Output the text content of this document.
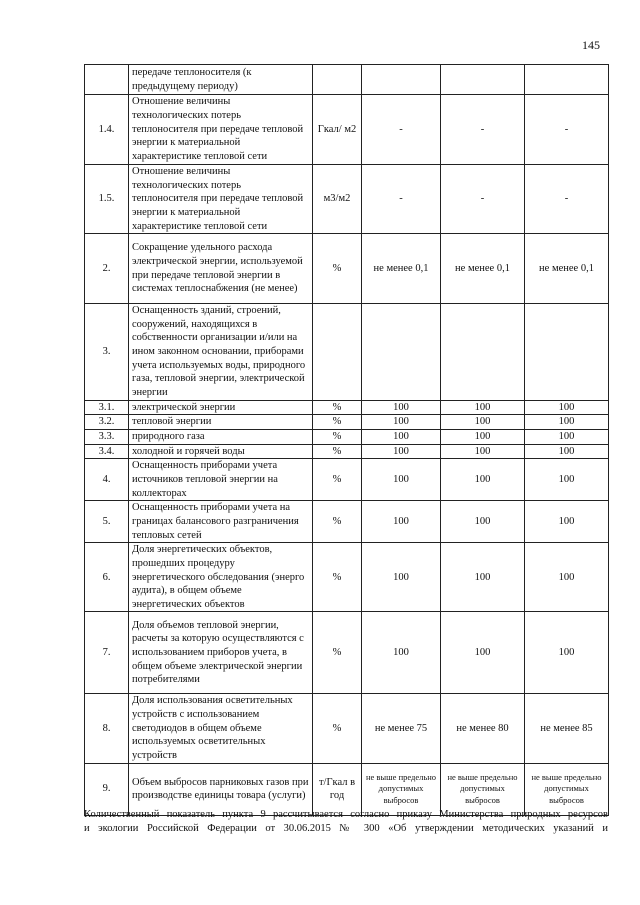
145
	передаче теплоносителя (к предыдущему периоду)				
1.4.	Отношение величины технологических потерь теплоносителя при передаче тепловой энергии к материальной характеристике тепловой сети	Гкал/ м2	-	-	-
1.5.	Отношение величины технологических потерь теплоносителя при передаче тепловой энергии к материальной характеристике тепловой сети	м3/м2	-	-	-
2.	Сокращение удельного расхода электрической энергии, используемой при передаче тепловой энергии в системах теплоснабжения (не менее)	%	не менее 0,1	не менее 0,1	не менее 0,1
3.	Оснащенность зданий, строений, сооружений, находящихся в собственности организации и/или на ином законном основании, приборами учета используемых воды, природного газа, тепловой энергии, электрической энергии				
3.1.	электрической энергии	%	100	100	100
3.2.	тепловой энергии	%	100	100	100
3.3.	природного газа	%	100	100	100
3.4.	холодной и горячей воды	%	100	100	100
4.	Оснащенность приборами учета источников тепловой энергии на коллекторах	%	100	100	100
5.	Оснащенность приборами учета на границах балансового разграничения тепловых сетей	%	100	100	100
6.	Доля энергетических объектов, прошедших процедуру энергетического обследования (энерго аудита), в общем объеме энергетических объектов	%	100	100	100
7.	Доля объемов тепловой энергии, расчеты за которую осуществляются с использованием приборов учета, в общем объеме электрической энергии потребителями	%	100	100	100
8.	Доля использования осветительных устройств с использованием светодиодов в общем объеме используемых осветительных устройств	%	не менее 75	не менее 80	не менее 85
9.	Объем выбросов парниковых газов при производстве единицы товара (услуги)	т/Гкал в год	не выше предельно допустимых выбросов	не выше предельно допустимых выбросов	не выше предельно допустимых выбросов
Количественный показатель пункта 9 рассчитывается согласно приказу Министерства природных ресурсов
и экологии Российской Федерации от 30.06.2015 № 300 «Об утверждении методических указаний и
